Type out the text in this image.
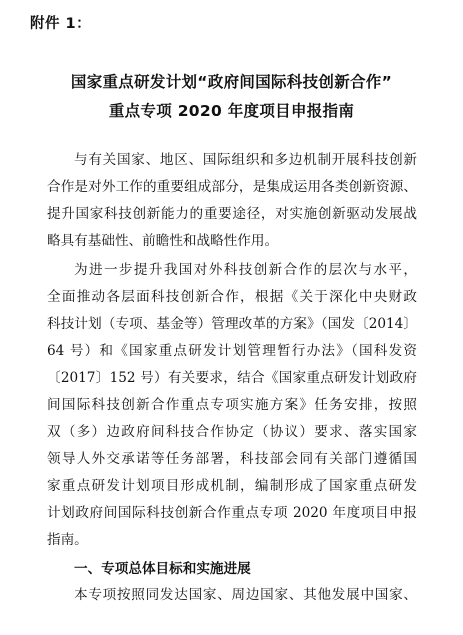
附件 1：
国家重点研发计划“政府间国际科技创新合作”
重点专项 2020 年度项目申报指南
与有关国家、地区、国际组织和多边机制开展科技创新
合作是对外工作的重要组成部分，是集成运用各类创新资源、
提升国家科技创新能力的重要途径，对实施创新驱动发展战
略具有基础性、前瞻性和战略性作用。
为进一步提升我国对外科技创新合作的层次与水平，
全面推动各层面科技创新合作，根据《关于深化中央财政
科技计划（专项、基金等）管理改革的方案》（国发〔2014〕
64 号）和《国家重点研发计划管理暂行办法》（国科发资
〔2017〕152 号）有关要求，结合《国家重点研发计划政府
间国际科技创新合作重点专项实施方案》任务安排，按照
双（多）边政府间科技合作协定（协议）要求、落实国家
领导人外交承诺等任务部署，科技部会同有关部门遵循国
家重点研发计划项目形成机制，编制形成了国家重点研发
计划政府间国际科技创新合作重点专项 2020 年度项目申报
指南。
一、专项总体目标和实施进展
本专项按照同发达国家、周边国家、其他发展中国家、
